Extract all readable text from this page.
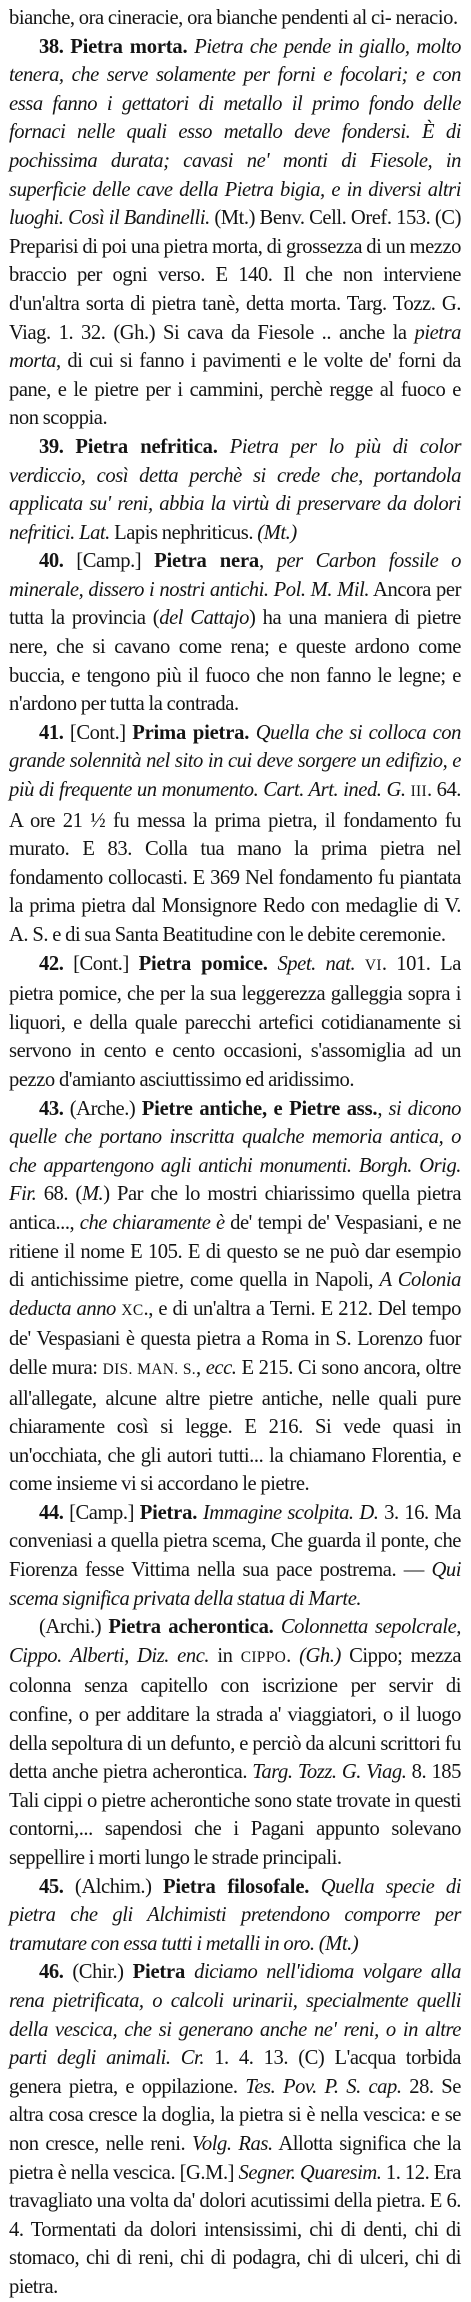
bianche, ora cineracie, ora bianche pendenti al ci- neracio.

38. Pietra morta. Pietra che pende in giallo, molto tenera, che serve solamente per forni e focolari; e con essa fanno i gettatori di metallo il primo fondo delle fornaci nelle quali esso metallo deve fondersi. È di pochissima durata; cavasi ne' monti di Fiesole, in superficie delle cave della Pietra bigia, e in diversi altri luoghi. Così il Bandinelli. (Mt.) Benv. Cell. Oref. 153. (C) Preparisi di poi una pietra morta, di grossezza di un mezzo braccio per ogni verso. E 140. Il che non interviene d'un'altra sorta di pietra tanè, detta morta. Targ. Tozz. G. Viag. 1. 32. (Gh.) Si cava da Fiesole .. anche la pietra morta, di cui si fanno i pavimenti e le volte de' forni da pane, e le pietre per i cammini, perchè regge al fuoco e non scoppia.

39. Pietra nefritica. Pietra per lo più di color verdiccio, così detta perchè si crede che, portandola applicata su' reni, abbia la virtù di preservare da dolori nefritici. Lat. Lapis nephriticus. (Mt.)

40. [Camp.] Pietra nera, per Carbon fossile o minerale, dissero i nostri antichi. Pol. M. Mil. Ancora per tutta la provincia (del Cattajo) ha una maniera di pietre nere, che si cavano come rena; e queste ardono come buccia, e tengono più il fuoco che non fanno le legne; e n'ardono per tutta la contrada.

41. [Cont.] Prima pietra. Quella che si colloca con grande solennità nel sito in cui deve sorgere un edifizio, e più di frequente un monumento. Cart. Art. ined. G. III. 64. A ore 21 ½ fu messa la prima pietra, il fondamento fu murato. E 83. Colla tua mano la prima pietra nel fondamento collocasti. E 369 Nel fondamento fu piantata la prima pietra dal Monsignore Redo con medaglie di V. A. S. e di sua Santa Beatitudine con le debite ceremonie.

42. [Cont.] Pietra pomice. Spet. nat. VI. 101. La pietra pomice, che per la sua leggerezza galleggia sopra i liquori, e della quale parecchi artefici cotidianamente si servono in cento e cento occasioni, s'assomiglia ad un pezzo d'amianto asciuttissimo ed aridissimo.

43. (Arche.) Pietre antiche, e Pietre ass., si dicono quelle che portano inscritta qualche memoria antica, o che appartengono agli antichi monumenti. Borgh. Orig. Fir. 68. (M.) Par che lo mostri chiarissimo quella pietra antica..., che chiaramente è de' tempi de' Vespasiani, e ne ritiene il nome E 105. E di questo se ne può dar esempio di antichissime pietre, come quella in Napoli, A Colonia deducta anno XC., e di un'altra a Terni. E 212. Del tempo de' Vespasiani è questa pietra a Roma in S. Lorenzo fuor delle mura: DIS. MAN. S., ecc. E 215. Ci sono ancora, oltre all'allegate, alcune altre pietre antiche, nelle quali pure chiaramente così si legge. E 216. Si vede quasi in un'occhiata, che gli autori tutti... la chiamano Florentia, e come insieme vi si accordano le pietre.

44. [Camp.] Pietra. Immagine scolpita. D. 3. 16. Ma conveniasi a quella pietra scema, Che guarda il ponte, che Fiorenza fesse Vittima nella sua pace postrema. — Qui scema significa privata della statua di Marte.

(Archi.) Pietra acherontica. Colonnetta sepolcrale, Cippo. Alberti, Diz. enc. in CIPPO. (Gh.) Cippo; mezza colonna senza capitello con iscrizione per servir di confine, o per additare la strada a' viaggiatori, o il luogo della sepoltura di un defunto, e perciò da alcuni scrittori fu detta anche pietra acherontica. Targ. Tozz. G. Viag. 8. 185 Tali cippi o pietre acherontiche sono state trovate in questi contorni,... sapendosi che i Pagani appunto solevano seppellire i morti lungo le strade principali.

45. (Alchim.) Pietra filosofale. Quella specie di pietra che gli Alchimisti pretendono comporre per tramutare con essa tutti i metalli in oro. (Mt.)

46. (Chir.) Pietra diciamo nell'idioma volgare alla rena pietrificata, o calcoli urinarii, specialmente quelli della vescica, che si generano anche ne' reni, o in altre parti degli animali. Cr. 1. 4. 13. (C) L'acqua torbida genera pietra, e oppilazione. Tes. Pov. P. S. cap. 28. Se altra cosa cresce la doglia, la pietra si è nella vescica: e se non cresce, nelle reni. Volg. Ras. Allotta significa che la pietra è nella vescica. [G.M.] Segner. Quaresim. 1. 12. Era travagliato una volta da' dolori acutissimi della pietra. E 6. 4. Tormentati da dolori intensissimi, chi di denti, chi di stomaco, chi di reni, chi di podagra, chi di ulceri, chi di pietra.
